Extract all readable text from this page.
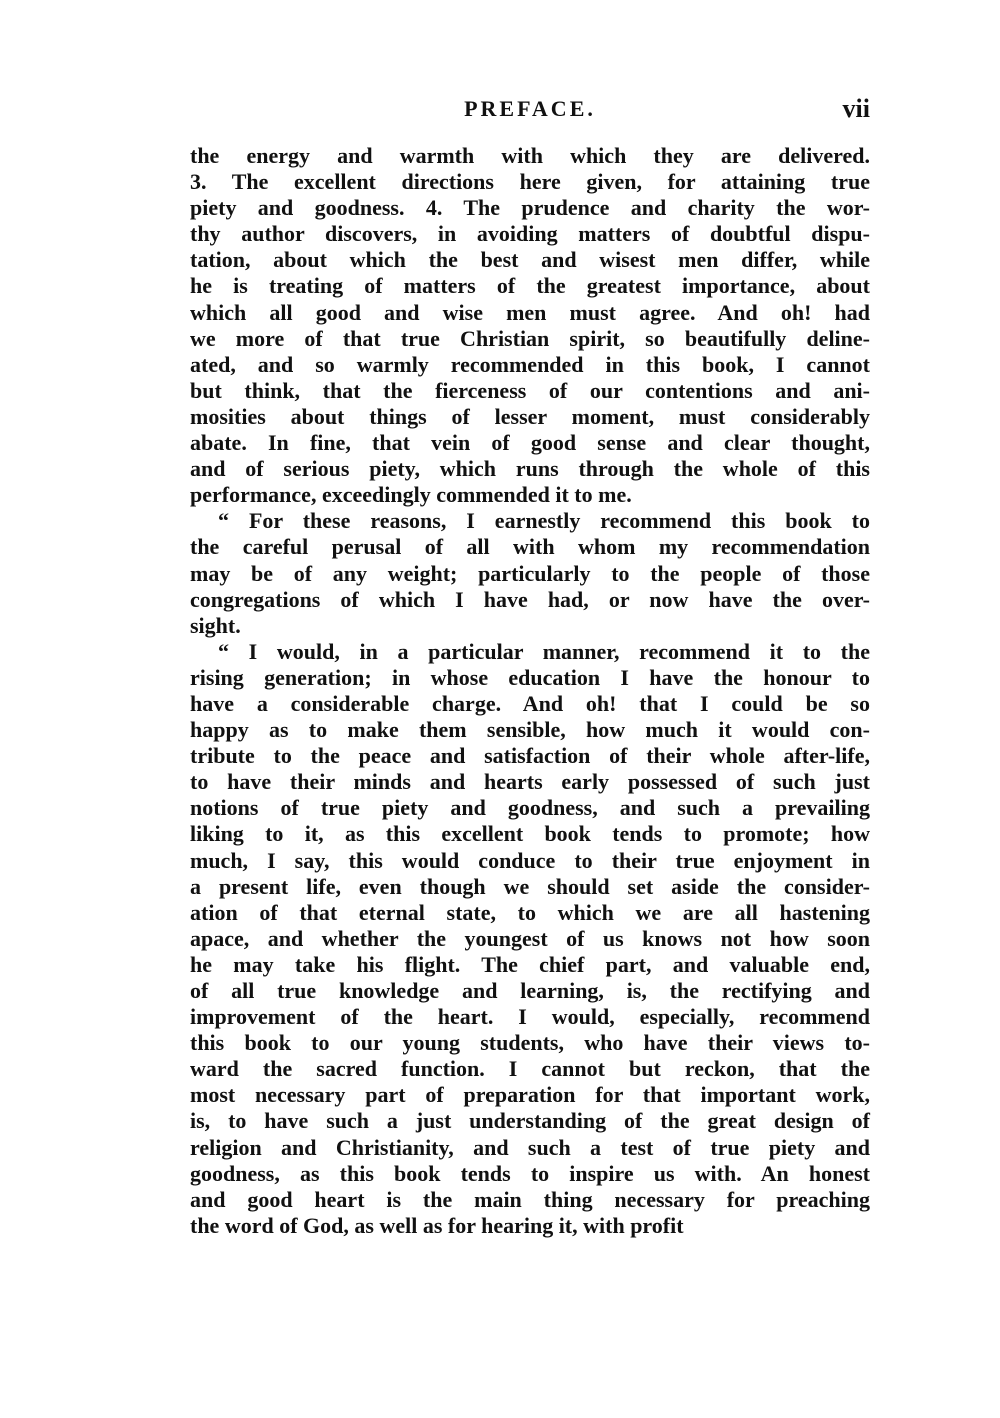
PREFACE.	vii
the energy and warmth with which they are delivered.
3. The excellent directions here given, for attaining true
piety and goodness. 4. The prudence and charity the wor-
thy author discovers, in avoiding matters of doubtful dispu-
tation, about which the best and wisest men differ, while
he is treating of matters of the greatest importance, about
which all good and wise men must agree. And oh! had
we more of that true Christian spirit, so beautifully deline-
ated, and so warmly recommended in this book, I cannot
but think, that the fierceness of our contentions and ani-
mosities about things of lesser moment, must considerably
abate. In fine, that vein of good sense and clear thought,
and of serious piety, which runs through the whole of this
performance, exceedingly commended it to me.
“ For these reasons, I earnestly recommend this book to
the careful perusal of all with whom my recommendation
may be of any weight; particularly to the people of those
congregations of which I have had, or now have the over-
sight.
“ I would, in a particular manner, recommend it to the
rising generation; in whose education I have the honour to
have a considerable charge. And oh! that I could be so
happy as to make them sensible, how much it would con-
tribute to the peace and satisfaction of their whole after-life,
to have their minds and hearts early possessed of such just
notions of true piety and goodness, and such a prevailing
liking to it, as this excellent book tends to promote; how
much, I say, this would conduce to their true enjoyment in
a present life, even though we should set aside the consider-
ation of that eternal state, to which we are all hastening
apace, and whether the youngest of us knows not how soon
he may take his flight. The chief part, and valuable end,
of all true knowledge and learning, is, the rectifying and
improvement of the heart. I would, especially, recommend
this book to our young students, who have their views to-
ward the sacred function. I cannot but reckon, that the
most necessary part of preparation for that important work,
is, to have such a just understanding of the great design of
religion and Christianity, and such a test of true piety and
goodness, as this book tends to inspire us with. An honest
and good heart is the main thing necessary for preaching
the word of God, as well as for hearing it, with profit
